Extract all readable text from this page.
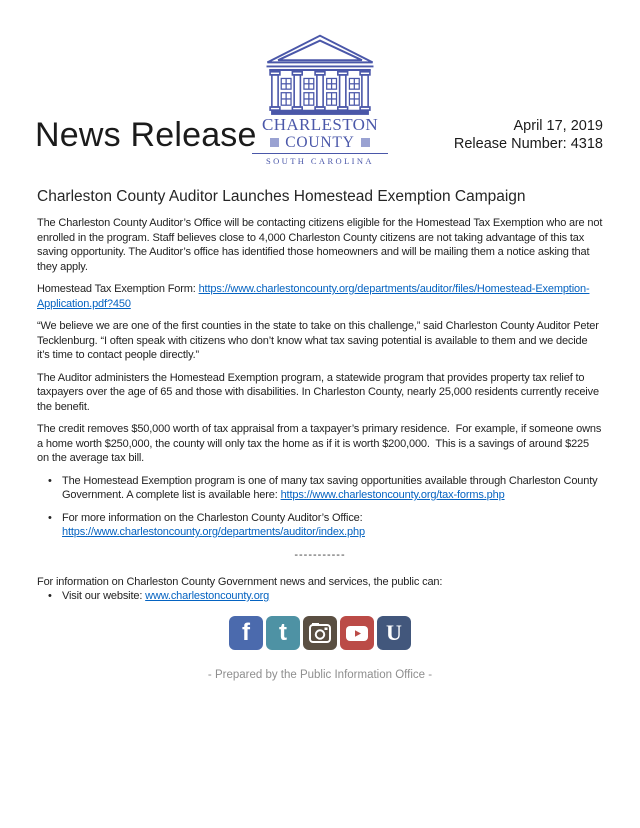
News Release CHARLESTON
COUNTY
SOUTH CAROLINA
April 17, 2019
Release Number: 4318
Charleston County Auditor Launches Homestead Exemption Campaign

The Charleston County Auditor’s Office will be contacting citizens eligible for the Homestead Tax Exemption who are not enrolled in the program. Staff believes close to 4,000 Charleston County citizens are not taking advantage of this tax saving opportunity. The Auditor’s office has identified those homeowners and will be mailing them a notice asking that they apply.

Homestead Tax Exemption Form: https://www.charlestoncounty.org/departments/auditor/files/Homestead-Exemption-Application.pdf?450

“We believe we are one of the first counties in the state to take on this challenge,” said Charleston County Auditor Peter Tecklenburg. “I often speak with citizens who don’t know what tax saving potential is available to them and we decide it’s time to contact people directly.”

The Auditor administers the Homestead Exemption program, a statewide program that provides property tax relief to taxpayers over the age of 65 and those with disabilities. In Charleston County, nearly 25,000 residents currently receive the benefit.

The credit removes $50,000 worth of tax appraisal from a taxpayer’s primary residence.  For example, if someone owns a home worth $250,000, the county will only tax the home as if it is worth $200,000.  This is a savings of around $225 on the average tax bill.

• The Homestead Exemption program is one of many tax saving opportunities available through Charleston County Government. A complete list is available here: https://www.charlestoncounty.org/tax-forms.php
• For more information on the Charleston County Auditor’s Office:
https://www.charlestoncounty.org/departments/auditor/index.php
-----------

For information on Charleston County Government news and services, the public can:

• Visit our website: www.charlestoncounty.org
f t	U
- Prepared by the Public Information Office -
